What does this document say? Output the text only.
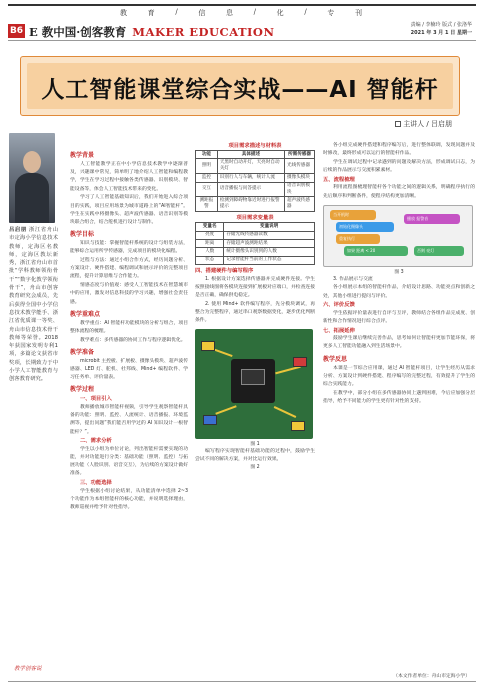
教	育	/	信	息	/	化	/	专	刊
B6 E 教中国·创客教育 MAKER EDUCATION	责编 / 李楠玲 版式 / 张洛华
2021 年 3 月 1 日 星期一
人工智能课堂综合实战——AI 智能杆
主讲人 / 吕启朋
吕启朋 浙江省舟山市定海小学信息技术教师，定海区名教师，定海区教坛新秀，浙江省舟山市首批“学科教师领衔骨干”“数字化教学领衔骨干”，舟山市创客教育研究会成员，先后获得全国中小学信息技术教学能手、浙江省优质课一等奖、舟山市信息技术骨干教师等荣誉。2018年获国家发明专利1项，多篇论文获省市奖项，长期致力于中小学人工智能教育与创客教育研究。
教学创客说
教学背景

人工智能教学正在中小学信息技术教学中逐渐普及，兴趣课中常见，简单明了地介绍人工智能和编程教学，学生在学习过程中接触各类传感器、识别模块、智能设备等，体会人工智能技术带来的变化。

学习了人工智能基础知识后，我们开始进入综合项目的实践，项目应用场景为城市道路上的“AI智能杆”。学生在实践中将摄像头、超声波传感器、语音识别等模块联合组合，结合舵机进行设计与制作。

教学目标

知识与技能：掌握智能杆系统的设计与组装方法，能够综合运用所学传感器，完成项目的模块化编程。

过程与方法：通过小组合作方式，经历问题分析、方案设计、硬件搭建、编程调试和展示评价的完整项目流程，提升计算思维与合作能力。

情感态度与价值观：感受人工智能技术在智慧城市中的应用，激发对信息科技的学习兴趣，增强社会责任感。

教学重难点

教学重点：AI 智能杆功能模块的分析与组合，项目整体流程的梳理。

教学难点：多传感器的协同工作与程序逻辑优化。

教学准备

microbit 主控板、扩展板、摄像头模块、超声波传感器、LED 灯、舵机、杜邦线、Mind+ 编程软件、学习任务单、评价量表。

教学过程
一、项目引入

教师播放城市智能杆视频，引导学生观察智能杆具备的功能：照明、监控、人流统计、语音播报、环境监测等，提出问题“我们能否用学过的 AI 知识设计一根智能杆？”。

二、需求分析

学生以小组为单位讨论，列出智能杆需要实现的功能，并对功能进行分类：基础功能（照明、监控）与拓展功能（人脸识别、语音交互），为后续的方案设计做好准备。

三、功能选择

学生根据小组讨论结果，从功能清单中选择 2~3 个功能作为本组智能杆的核心功能，并说明选择理由，教师巡视并给予针对性指导。

项目需求描述与材料表
功能	具体描述	所需传感器
照明	天黑时自动开灯，天亮时自动关灯	光线传感器
监控	识别行人与车辆，统计人流	摄像头模块
交互	语音播报与问答提示	语音识别模块
测距报警	检测到障碍物靠近时进行报警提示	超声波传感器
项目需求变量表
变量名	变量说明
亮度	存储光线传感器读数
距离	存储超声波测距结果
人数	统计摄像头识别到的人数
状态	记录智能杆当前的工作状态
四、搭建硬件与编写程序

1. 根据设计方案选择传感器并完成硬件连接。学生按照接线图将各模块连接到扩展板对应端口，并检查连接是否正确，确保供电稳定。

2. 使用 Mind+ 软件编写程序，先分模块调试，再整合为完整程序，通过串口观察数据变化，逐步优化判断条件。

图 1

编写程序实现智能杆基础功能的过程中，鼓励学生尝试不同的解决方案，并对比运行效果。

图 2

各小组完成硬件搭建和程序编写后，进行整体联调，发现问题并及时修改，最终形成可以运行的智能杆作品。

学生在调试过程中记录遇到的问题及解决方法，形成调试日志，为后续的作品展示与交流积累素材。

五、流程梳理

利用流程图梳理智能杆各个功能之间的逻辑关系，明确程序执行的先后顺序和判断条件，使程序结构更加清晰。

当开机时
初始化摄像头
重复执行
如果 距离 < 20
播放 报警音
否则 亮灯
图 3

3. 作品展示与交流

各小组展示本组的智能杆作品，介绍设计思路、功能亮点和创新之处，其他小组进行提问与评价。

六、评价反馈

学生依据评价量表进行自评与互评，教师结合各组作品完成度、创新性和合作情况进行综合点评。

七、拓展延伸

鼓励学生课后继续完善作品，思考如何让智能杆更加节能环保，将更多人工智能功能融入到生活场景中。

教学反思

本课是一节综合应用课，通过 AI 智能杆项目，让学生经历从需求分析、方案设计到硬件搭建、程序编写的完整过程，有效提升了学生的综合实践能力。

在教学中，部分小组在多传感器协同上遇到困难，今后应加强分层指导，给予不同能力的学生更有针对性的支持。

（本文作者单位：舟山市定海小学）
